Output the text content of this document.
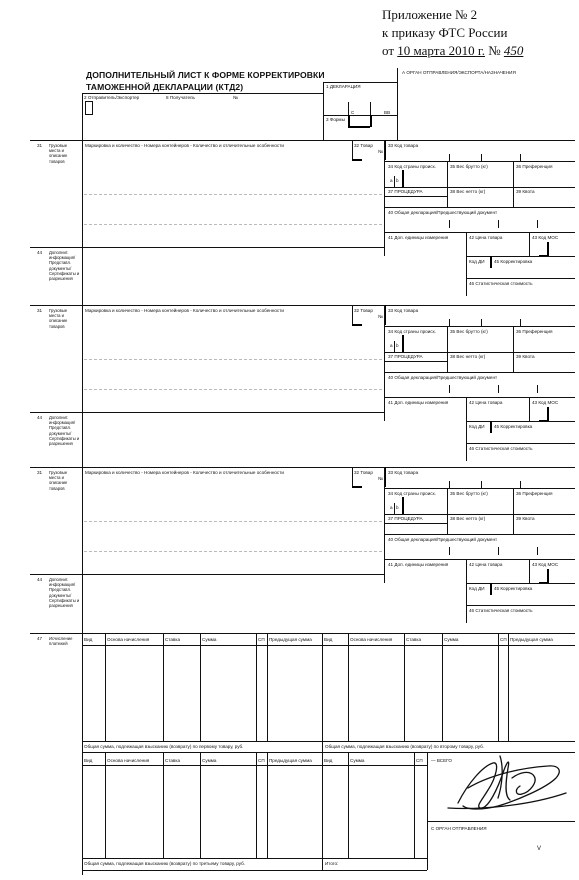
Приложение № 2
к приказу ФТС России
от 10 марта 2010 г. № 450
ДОПОЛНИТЕЛЬНЫЙ ЛИСТ К ФОРМЕ КОРРЕКТИРОВКИ
ТАМОЖЕННОЙ ДЕКЛАРАЦИИ (КТД2)	1 ДЕКЛАРАЦИЯ
А ОРГАН ОТПРАВЛЕНИЯ/ЭКСПОРТА/НАЗНАЧЕНИЯ
2 Отправитель/Экспортер	8 Получатель	№
С	ВВ
3 Формы
31 Грузовые места и описание товаров
Маркировка и количество - Номера контейнеров - Количество и отличительные особенности	32 Товар
№
33 Код товара
34 Код страны происх.	35 Вес брутто (кг)	36 Преференция
а b
37 ПРОЦЕДУРА	38 Вес нетто (кг)	39 Квота
40 Общая декларация/Предшествующий документ
41 Доп. единицы измерения	42 Цена товара	43 Код МОС
44 Дополнит. информация/ Представл. документы/ Сертификаты и разрешения
Код ДИ 45 Корректировка
46 Статистическая стоимость
31 Грузовые места и описание товаров
Маркировка и количество - Номера контейнеров - Количество и отличительные особенности	32 Товар
№
33 Код товара
34 Код страны происх.	35 Вес брутто (кг)	36 Преференция
а b
37 ПРОЦЕДУРА	38 Вес нетто (кг)	39 Квота
40 Общая декларация/Предшествующий документ
41 Доп. единицы измерения	42 Цена товара	43 Код МОС
44 Дополнит. информация/ Представл. документы/ Сертификаты и разрешения
Код ДИ 45 Корректировка
46 Статистическая стоимость
31 Грузовые места и описание товаров
Маркировка и количество - Номера контейнеров - Количество и отличительные особенности	32 Товар
№
33 Код товара
34 Код страны происх.	35 Вес брутто (кг)	36 Преференция
а b
37 ПРОЦЕДУРА	38 Вес нетто (кг)	39 Квота
40 Общая декларация/Предшествующий документ
41 Доп. единицы измерения	42 Цена товара	43 Код МОС
44 Дополнит. информация/ Представл. документы/ Сертификаты и разрешения
Код ДИ 45 Корректировка
46 Статистическая стоимость
47 Исчисление платежей
Вид	Основа начисления	Ставка	Сумма	СП Предыдущая сумма	Вид	Основа начисления	Ставка	Сумма	СП Предыдущая сумма
Вид	Основа начисления	Ставка	Сумма	СП Предыдущая сумма	Вид	Сумма	СП
Общая сумма, подлежащая взысканию (возврату) по первому товару, руб.	Общая сумма, подлежащая взысканию (возврату) по второму товару, руб.
Общая сумма, подлежащая взысканию (возврату) по третьему товару, руб.	Итого:
— ВСЕГО
С ОРГАН ОТПРАВЛЕНИЯ
V
